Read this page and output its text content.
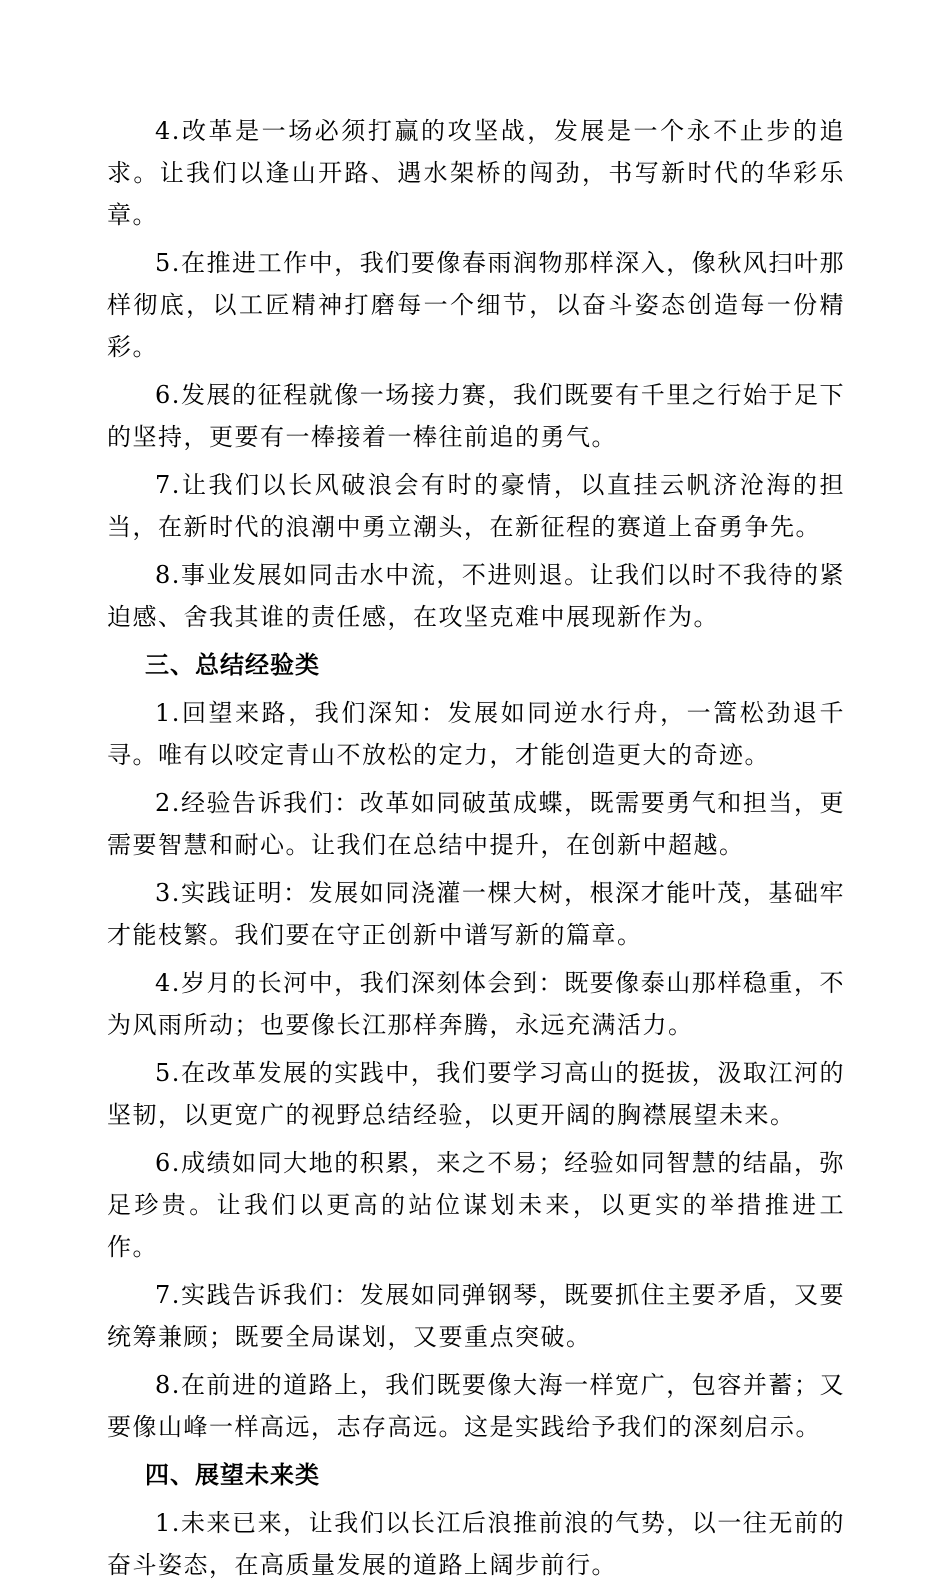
4.改革是一场必须打赢的攻坚战，发展是一个永不止步的追求。让我们以逢山开路、遇水架桥的闯劲，书写新时代的华彩乐章。

5.在推进工作中，我们要像春雨润物那样深入，像秋风扫叶那样彻底，以工匠精神打磨每一个细节，以奋斗姿态创造每一份精彩。

6.发展的征程就像一场接力赛，我们既要有千里之行始于足下的坚持，更要有一棒接着一棒往前追的勇气。

7.让我们以长风破浪会有时的豪情，以直挂云帆济沧海的担当，在新时代的浪潮中勇立潮头，在新征程的赛道上奋勇争先。

8.事业发展如同击水中流，不进则退。让我们以时不我待的紧迫感、舍我其谁的责任感，在攻坚克难中展现新作为。

三、总结经验类

1.回望来路，我们深知：发展如同逆水行舟，一篙松劲退千寻。唯有以咬定青山不放松的定力，才能创造更大的奇迹。

2.经验告诉我们：改革如同破茧成蝶，既需要勇气和担当，更需要智慧和耐心。让我们在总结中提升，在创新中超越。

3.实践证明：发展如同浇灌一棵大树，根深才能叶茂，基础牢才能枝繁。我们要在守正创新中谱写新的篇章。

4.岁月的长河中，我们深刻体会到：既要像泰山那样稳重，不为风雨所动；也要像长江那样奔腾，永远充满活力。

5.在改革发展的实践中，我们要学习高山的挺拔，汲取江河的坚韧，以更宽广的视野总结经验，以更开阔的胸襟展望未来。

6.成绩如同大地的积累，来之不易；经验如同智慧的结晶，弥足珍贵。让我们以更高的站位谋划未来，以更实的举措推进工作。

7.实践告诉我们：发展如同弹钢琴，既要抓住主要矛盾，又要统筹兼顾；既要全局谋划，又要重点突破。

8.在前进的道路上，我们既要像大海一样宽广，包容并蓄；又要像山峰一样高远，志存高远。这是实践给予我们的深刻启示。

四、展望未来类

1.未来已来，让我们以长江后浪推前浪的气势，以一往无前的奋斗姿态，在高质量发展的道路上阔步前行。
